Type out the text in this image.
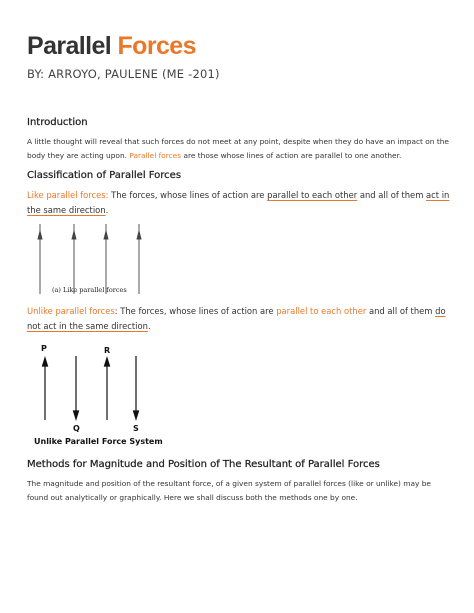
Parallel Forces

BY: ARROYO, PAULENE (ME -201)

Introduction

A little thought will reveal that such forces do not meet at any point, despite when they do have an impact on the body they are acting upon. Parallel forces are those whose lines of action are parallel to one another.

Classification of Parallel Forces

Like parallel forces: The forces, whose lines of action are parallel to each other and all of them act in the same direction.

(a) Like parallel forces

Unlike parallel forces: The forces, whose lines of action are parallel to each other and all of them do not act in the same direction.

P	R
Q	S
Unlike Parallel Force System
Methods for Magnitude and Position of The Resultant of Parallel Forces

The magnitude and position of the resultant force, of a given system of parallel forces (like or unlike) may be found out analytically or graphically. Here we shall discuss both the methods one by one.
